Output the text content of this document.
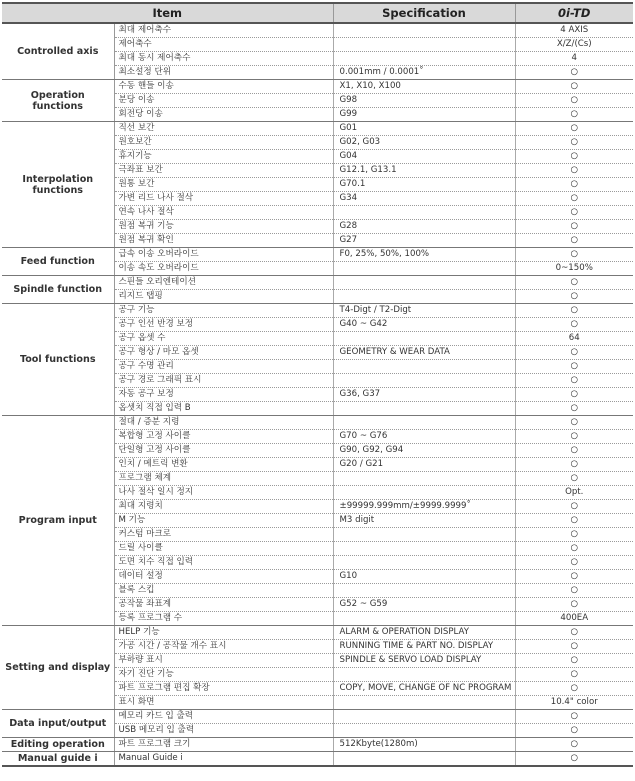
Item		Specification	0i-TD
Controlled axis	최대 제어축수		4 AXIS
	제어축수		X/Z/(Cs)
	최대 동시 제어축수		4
	최소설정 단위	0.001mm / 0.0001˚	○
Operation functions	수동 핸들 이송	X1, X10, X100	○
	분당 이송	G98	○
	회전당 이송	G99	○
Interpolation functions	직선 보간	G01	○
	원호보간	G02, G03	○
	휴지기능	G04	○
	극좌표 보간	G12.1, G13.1	○
	원통 보간	G70.1	○
	가변 리드 나사 절삭	G34	○
	연속 나사 절삭		○
	원점 복귀 기능	G28	○
	원점 복귀 확인	G27	○
Feed function	급속 이송 오버라이드	F0, 25%, 50%, 100%	○
	이송 속도 오버라이드		0~150%
Spindle function	스핀들 오리엔테이션		○
	리지드 탭핑		○
Tool functions	공구 기능	T4-Digt / T2-Digt	○
	공구 인선 반경 보정	G40 ~ G42	○
	공구 옵셋 수		64
	공구 형상 / 마모 옵셋	GEOMETRY & WEAR DATA	○
	공구 수명 관리		○
	공구 경로 그래픽 표시		○
	자동 공구 보정	G36, G37	○
	옵셋치 직접 입력 B		○
Program input	절대 / 증분 지령		○
	복합형 고정 사이클	G70 ~ G76	○
	단일형 고정 사이클	G90, G92, G94	○
	인치 / 메트릭 변환	G20 / G21	○
	프로그램 체계		○
	나사 절삭 일시 정지		Opt.
	최대 지령치	±99999.999mm/±9999.9999˚	○
	M 기능	M3 digit	○
	커스텀 마크로		○
	드릴 사이클		○
	도면 치수 직접 입력		○
	데이터 설정	G10	○
	블록 스킵		○
	공작물 좌표계	G52 ~ G59	○
	등록 프로그램 수		400EA
Setting and display	HELP 기능	ALARM & OPERATION DISPLAY	○
	가공 시간 / 공작물 개수 표시	RUNNING TIME & PART NO. DISPLAY	○
	부하량 표시	SPINDLE & SERVO LOAD DISPLAY	○
	자기 진단 기능		○
	파트 프로그램 편집 확장	COPY, MOVE, CHANGE OF NC PROGRAM	○
	표시 화면		10.4" color
Data input/output	메모리 카드 입 출력		○
	USB 메모리 입 출력		○
Editing operation	파트 프로그램 크기	512Kbyte(1280m)	○
Manual guide i	Manual Guide i		○
